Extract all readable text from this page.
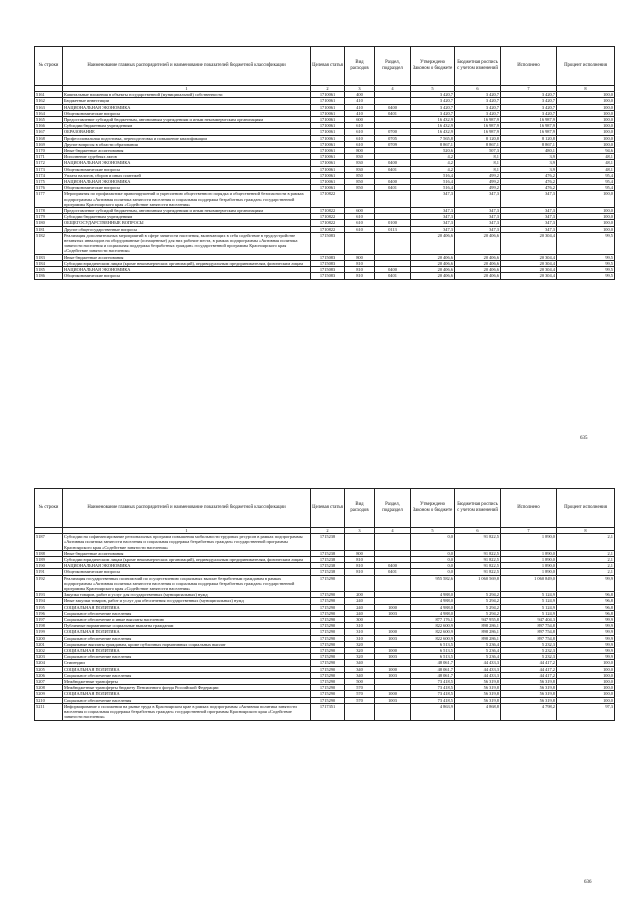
№ строки	Наименование главных распорядителей и наименование показателей бюджетной классификации	Целевая статья	Вид расходов	Раздел, подраздел	Утверждено Законом о бюджете	Бюджетная роспись с учетом изменений	Исполнено	Процент исполнения
	1	2	3	4	5	6	7	8
5161	Капитальные вложения в объекты государственной (муниципальной) собственности	1710061	400		3 420,7	3 420,7	3 420,7	100,0
5162	Бюджетные инвестиции	1710061	410		3 420,7	3 420,7	3 420,7	100,0
5163	НАЦИОНАЛЬНАЯ ЭКОНОМИКА	1710061	410	0400	3 420,7	3 420,7	3 420,7	100,0
5164	Общеэкономические вопросы	1710061	410	0401	3 420,7	3 420,7	3 420,7	100,0
5165	Предоставление субсидий бюджетным, автономным учреждениям и иным некоммерческим организациям	1710061	600		16 432,9	16 987,9	16 987,9	100,0
5166	Субсидии бюджетным учреждениям	1710061	610		16 432,9	16 987,9	16 987,9	100,0
5167	ОБРАЗОВАНИЕ	1710061	610	0700	16 432,9	16 987,9	16 987,9	100,0
5168	Профессиональная подготовка, переподготовка и повышение квалификации	1710061	610	0705	7 565,8	8 120,8	8 120,8	100,0
5169	Другие вопросы в области образования	1710061	610	0709	8 867,1	8 867,1	8 867,1	100,0
5170	Иные бюджетные ассигнования	1710061	800		520,6	507,3	480,1	94,6
5171	Исполнение судебных актов	1710061	830		4,2	8,1	3,9	48,1
5172	НАЦИОНАЛЬНАЯ ЭКОНОМИКА	1710061	830	0400	4,2	8,1	3,9	48,1
5173	Общеэкономические вопросы	1710061	830	0401	4,2	8,1	3,9	48,1
5174	Уплата налогов, сборов и иных платежей	1710061	850		516,4	499,2	476,2	95,4
5175	НАЦИОНАЛЬНАЯ ЭКОНОМИКА	1710061	850	0400	516,4	499,2	476,2	95,4
5176	Общеэкономические вопросы	1710061	850	0401	516,4	499,2	476,2	95,4
5177	Мероприятия по профилактике правонарушений и укреплению общественного порядка и общественной безопасности в рамках подпрограммы «Активная политика занятости населения и социальная поддержка безработных граждан» государственной программы Красноярского края «Содействие занятости населения»	1710822			347,3	347,3	347,3	100,0
5178	Предоставление субсидий бюджетным, автономным учреждениям и иным некоммерческим организациям	1710822	600		347,3	347,3	347,3	100,0
5179	Субсидии бюджетным учреждениям	1710822	610		347,3	347,3	347,3	100,0
5180	ОБЩЕГОСУДАРСТВЕННЫЕ ВОПРОСЫ	1710822	610	0100	347,3	347,3	347,3	100,0
5181	Другие общегосударственные вопросы	1710822	610	0113	347,3	347,3	347,3	100,0
5182	Реализация дополнительных мероприятий в сфере занятости населения, включающих в себя содействие в трудоустройстве незанятых инвалидов на оборудованные (оснащенные) для них рабочие места, в рамках подпрограммы «Активная политика занятости населения и социальная поддержка безработных граждан» государственной программы Красноярского края «Содействие занятости населения»	1715083			20 406,6	20 406,6	20 304,4	99,5
5183	Иные бюджетные ассигнования	1715083	800		20 406,6	20 406,6	20 304,4	99,5
5184	Субсидии юридическим лицам (кроме некоммерческих организаций), индивидуальным предпринимателям, физическим лицам	1715083	810		20 406,6	20 406,6	20 304,4	99,5
5185	НАЦИОНАЛЬНАЯ ЭКОНОМИКА	1715083	810	0400	20 406,6	20 406,6	20 304,4	99,5
5186	Общеэкономические вопросы	1715083	810	0401	20 406,6	20 406,6	20 304,4	99,5
635
№ строки	Наименование главных распорядителей и наименование показателей бюджетной классификации	Целевая статья	Вид расходов	Раздел, подраздел	Утверждено Законом о бюджете	Бюджетная роспись с учетом изменений	Исполнено	Процент исполнения
	1	2	3	4	5	6	7	8
5187	Субсидии на софинансирование региональных программ повышения мобильности трудовых ресурсов в рамках подпрограммы «Активная политика занятости населения и социальная поддержка безработных граждан» государственной программы Красноярского края «Содействие занятости населения»	1715238			0,0	91 822,5	1 890,0	2,1
5188	Иные бюджетные ассигнования	1715238	800		0,0	91 822,5	1 890,0	2,1
5189	Субсидии юридическим лицам (кроме некоммерческих организаций), индивидуальным предпринимателям, физическим лицам	1715238	810		0,0	91 822,5	1 890,0	2,1
5190	НАЦИОНАЛЬНАЯ ЭКОНОМИКА	1715238	810	0400	0,0	91 822,5	1 890,0	2,1
5191	Общеэкономические вопросы	1715238	810	0401	0,0	91 822,5	1 890,0	2,1
5192	Реализация государственных полномочий по осуществлению социальных выплат безработным гражданам в рамках подпрограммы «Активная политика занятости населения и социальная поддержка безработных граждан» государственной программы Красноярского края «Содействие занятости населения»	1715290			955 582,6	1 060 569,8	1 060 849,0	99,9
5193	Закупка товаров, работ и услуг для государственных (муниципальных) нужд	1715290	200		4 988,0	5 294,2	5 124,9	96,8
5194	Иные закупки товаров, работ и услуг для обеспечения государственных (муниципальных) нужд	1715290	240		4 988,0	5 294,2	5 124,9	96,8
5195	СОЦИАЛЬНАЯ ПОЛИТИКА	1715290	240	1000	4 988,0	5 294,2	5 124,9	96,8
5196	Социальное обеспечение населения	1715290	240	1003	4 988,0	5 294,2	5 124,9	96,8
5197	Социальное обеспечение и иные выплаты населению	1715290	300		877 176,1	947 955,8	947 404,3	99,9
5198	Публичные нормативные социальные выплаты гражданам	1715290	310		822 600,9	898 286,1	897 754,8	99,9
5199	СОЦИАЛЬНАЯ ПОЛИТИКА	1715290	310	1000	822 600,9	898 286,1	897 754,8	99,9
5200	Социальное обеспечение населения	1715290	310	1003	822 600,9	898 286,1	897 754,8	99,9
5201	Социальные выплаты гражданам, кроме публичных нормативных социальных выплат	1715290	320		6 513,5	5 236,4	5 232,3	99,9
5202	СОЦИАЛЬНАЯ ПОЛИТИКА	1715290	320	1000	6 513,5	5 236,4	5 232,3	99,9
5203	Социальное обеспечение населения	1715290	320	1003	6 513,5	5 236,4	5 232,3	99,9
5204	Стипендии	1715290	340		48 061,7	44 433,3	44 417,2	100,0
5205	СОЦИАЛЬНАЯ ПОЛИТИКА	1715290	340	1000	48 061,7	44 433,3	44 417,2	100,0
5206	Социальное обеспечение населения	1715290	340	1003	48 061,7	44 433,3	44 417,2	100,0
5207	Межбюджетные трансферты	1715290	500		73 418,5	56 319,8	56 319,8	100,0
5208	Межбюджетные трансферты бюджету Пенсионного фонда Российской Федерации	1715290	570		73 418,5	56 319,8	56 319,8	100,0
5209	СОЦИАЛЬНАЯ ПОЛИТИКА	1715290	570	1000	73 418,5	56 319,8	56 319,8	100,0
5210	Социальное обеспечение населения	1715290	570	1003	73 418,5	56 319,8	56 319,8	100,0
5211	Информирование о положении на рынке труда в Красноярском крае в рамках подпрограммы «Активная политика занятости населения и социальная поддержка безработных граждан» государственной программы Красноярского края «Содействие занятости населения»	1717351			4 863,9	4 868,8	4 798,2	97,3
636
